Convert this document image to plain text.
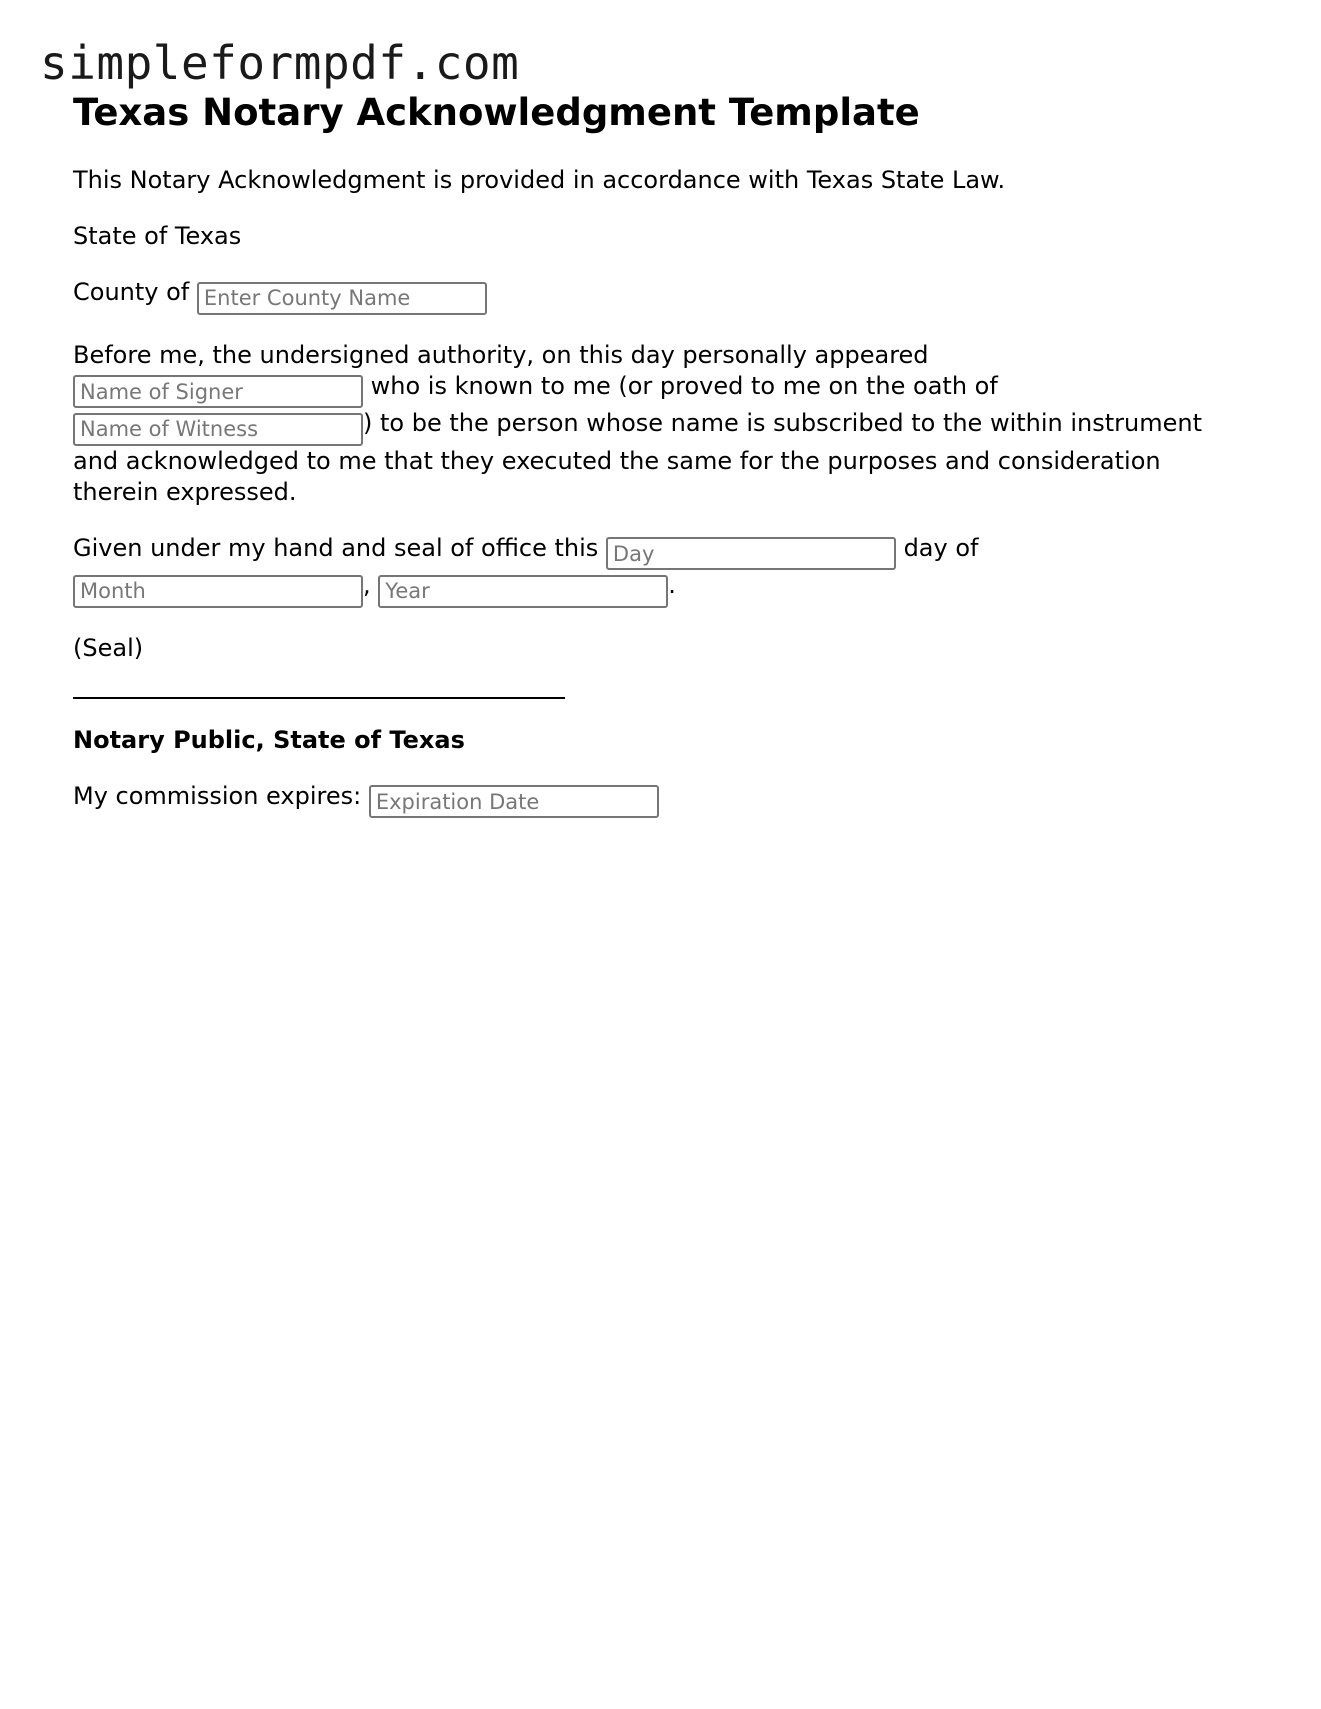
simpleformpdf.com
Texas Notary Acknowledgment Template

This Notary Acknowledgment is provided in accordance with Texas State Law.

State of Texas

County of Enter County Name

Before me, the undersigned authority, on this day personally appeared
Name of Signer who is known to me (or proved to me on the oath of
Name of Witness) to be the person whose name is subscribed to the within instrument and acknowledged to me that they executed the same for the purposes and consideration therein expressed.

Given under my hand and seal of office this Day	day of
Month, Year	.

(Seal)

Notary Public, State of Texas

My commission expires: Expiration Date
